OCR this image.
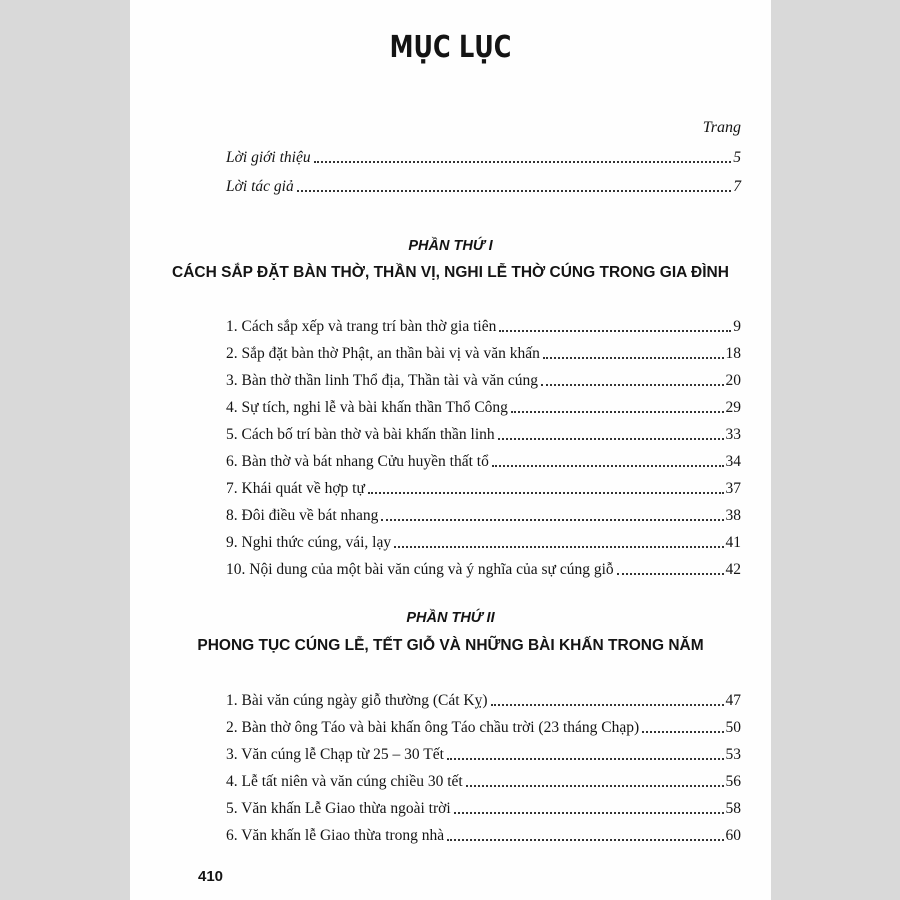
MỤC LỤC
Trang
Lời giới thiệu	5
Lời tác giả	7
PHẦN THỨ I
CÁCH SẮP ĐẶT BÀN THỜ, THẦN VỊ, NGHI LỄ THỜ CÚNG TRONG GIA ĐÌNH
1. Cách sắp xếp và trang trí bàn thờ gia tiên	9
2. Sắp đặt bàn thờ Phật, an thần bài vị và văn khấn	18
3. Bàn thờ thần linh Thổ địa, Thần tài và văn cúng	20
4. Sự tích, nghi lễ và bài khấn thần Thổ Công	29
5. Cách bố trí bàn thờ và bài khấn thần linh	33
6. Bàn thờ và bát nhang Cửu huyền thất tổ	34
7. Khái quát về hợp tự	37
8. Đôi điều về bát nhang	38
9. Nghi thức cúng, vái, lạy	41
10. Nội dung của một bài văn cúng và ý nghĩa của sự cúng giỗ	42
PHẦN THỨ II
PHONG TỤC CÚNG LỄ, TẾT GIỖ VÀ NHỮNG BÀI KHẤN TRONG NĂM
1. Bài văn cúng ngày giỗ thường (Cát Kỵ)	47
2. Bàn thờ ông Táo và bài khấn ông Táo chầu trời (23 tháng Chạp)	50
3. Văn cúng lễ Chạp từ 25 – 30 Tết	53
4. Lễ tất niên và văn cúng chiều 30 tết	56
5. Văn khấn Lễ Giao thừa ngoài trời	58
6. Văn khấn lễ Giao thừa trong nhà	60
410
